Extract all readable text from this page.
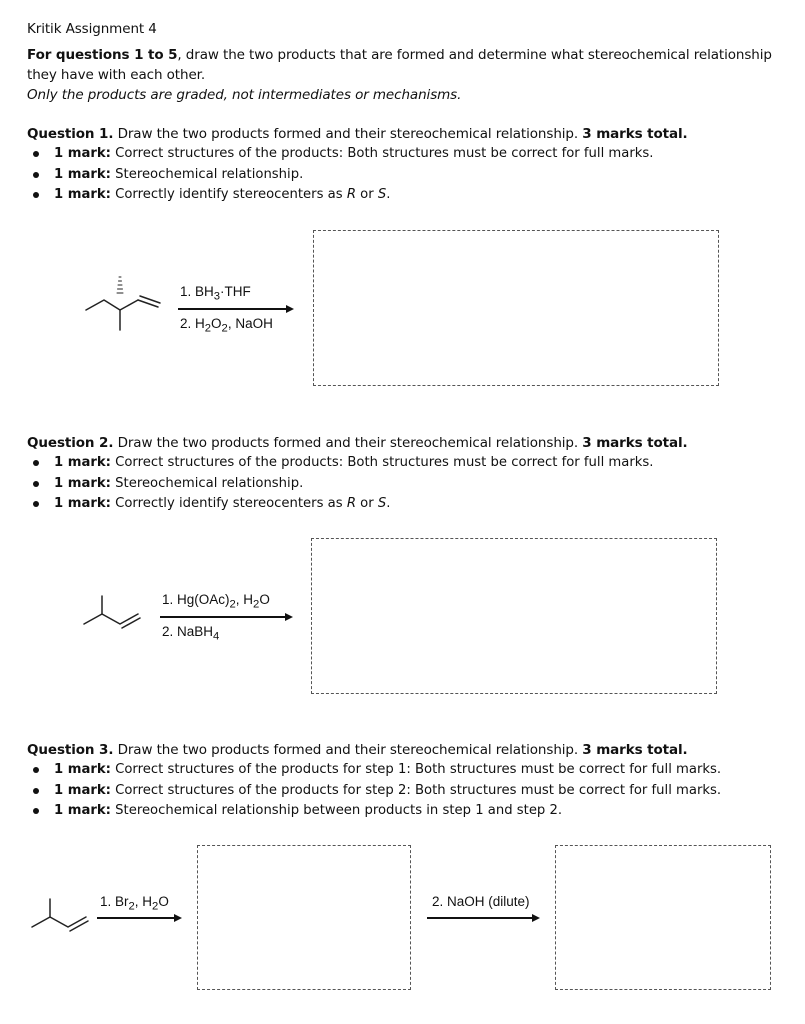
Kritik Assignment 4
For questions 1 to 5, draw the two products that are formed and determine what stereochemical relationship they have with each other.
Only the products are graded, not intermediates or mechanisms.
Question 1. Draw the two products formed and their stereochemical relationship. 3 marks total.
1 mark: Correct structures of the products: Both structures must be correct for full marks.
1 mark: Stereochemical relationship.
1 mark: Correctly identify stereocenters as R or S.
1. $BH_3\cdot THF$
2. $H_2O_2$, NaOH
Question 2. Draw the two products formed and their stereochemical relationship. 3 marks total.
1 mark: Correct structures of the products: Both structures must be correct for full marks.
1 mark: Stereochemical relationship.
1 mark: Correctly identify stereocenters as R or S.
1. $Hg(OAc)_2$, $H_2O$
2. NaBH$_4$
Question 3. Draw the two products formed and their stereochemical relationship. 3 marks total.
1 mark: Correct structures of the products for step 1: Both structures must be correct for full marks.
1 mark: Correct structures of the products for step 2: Both structures must be correct for full marks.
1 mark: Stereochemical relationship between products in step 1 and step 2.
1. $Br_2$, $H_2O$	2. NaOH (dilute)
